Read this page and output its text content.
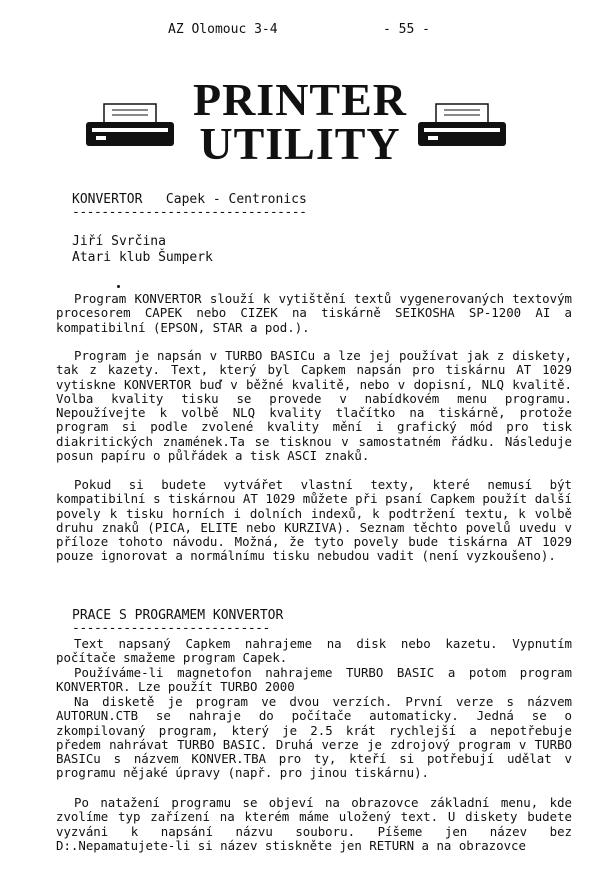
AZ Olomouc 3-4	- 55 -
PRINTER
UTILITY
KONVERTOR   Capek - Centronics
--------------------------------
Jiří Svrčina
Atari klub Šumperk

Program KONVERTOR slouží k vytištění textů vygenerovaných textovým procesorem CAPEK nebo CIZEK na tiskárně SEIKOSHA SP-1200 AI a kompatibilní (EPSON, STAR a pod.).

Program je napsán v TURBO BASICu a lze jej používat jak z diskety, tak z kazety. Text, který byl Capkem napsán pro tiskárnu AT 1029 vytiskne KONVERTOR buď v běžné kvalitě, nebo v dopisní, NLQ kvalitě. Volba kvality tisku se provede v nabídkovém menu programu. Nepoužívejte k volbě NLQ kvality tlačítko na tiskárně, protože program si podle zvolené kvality mění i grafický mód pro tisk diakritických znamének.Ta se tisknou v samostatném řádku. Následuje posun papíru o půlřádek a tisk ASCI znaků.

Pokud si budete vytvářet vlastní texty, které nemusí být kompatibilní s tiskárnou AT 1029 můžete při psaní Capkem použít další povely k tisku horních i dolních indexů, k podtržení textu, k volbě druhu znaků (PICA, ELITE nebo KURZIVA). Seznam těchto povelů uvedu v příloze tohoto návodu. Možná, že tyto povely bude tiskárna AT 1029 pouze ignorovat a normálnímu tisku nebudou vadit (není vyzkoušeno).

PRACE S PROGRAMEM KONVERTOR
---------------------------

Text napsaný Capkem nahrajeme na disk nebo kazetu. Vypnutím počítače smažeme program Capek.

Používáme-li magnetofon nahrajeme TURBO BASIC a potom program KONVERTOR. Lze použít TURBO 2000

Na disketě je program ve dvou verzích. První verze s názvem AUTORUN.CTB se nahraje do počítače automaticky. Jedná se o zkompilovaný program, který je 2.5 krát rychlejší a nepotřebuje předem nahrávat TURBO BASIC. Druhá verze je zdrojový program v TURBO BASICu s názvem KONVER.TBA pro ty, kteří si potřebují udělat v programu nějaké úpravy (např. pro jinou tiskárnu).

Po natažení programu se objeví na obrazovce základní menu, kde zvolíme typ zařízení na kterém máme uložený text. U diskety budete vyzváni k napsání názvu souboru. Píšeme jen název bez D:.Nepamatujete-li si název stiskněte jen RETURN a na obrazovce
